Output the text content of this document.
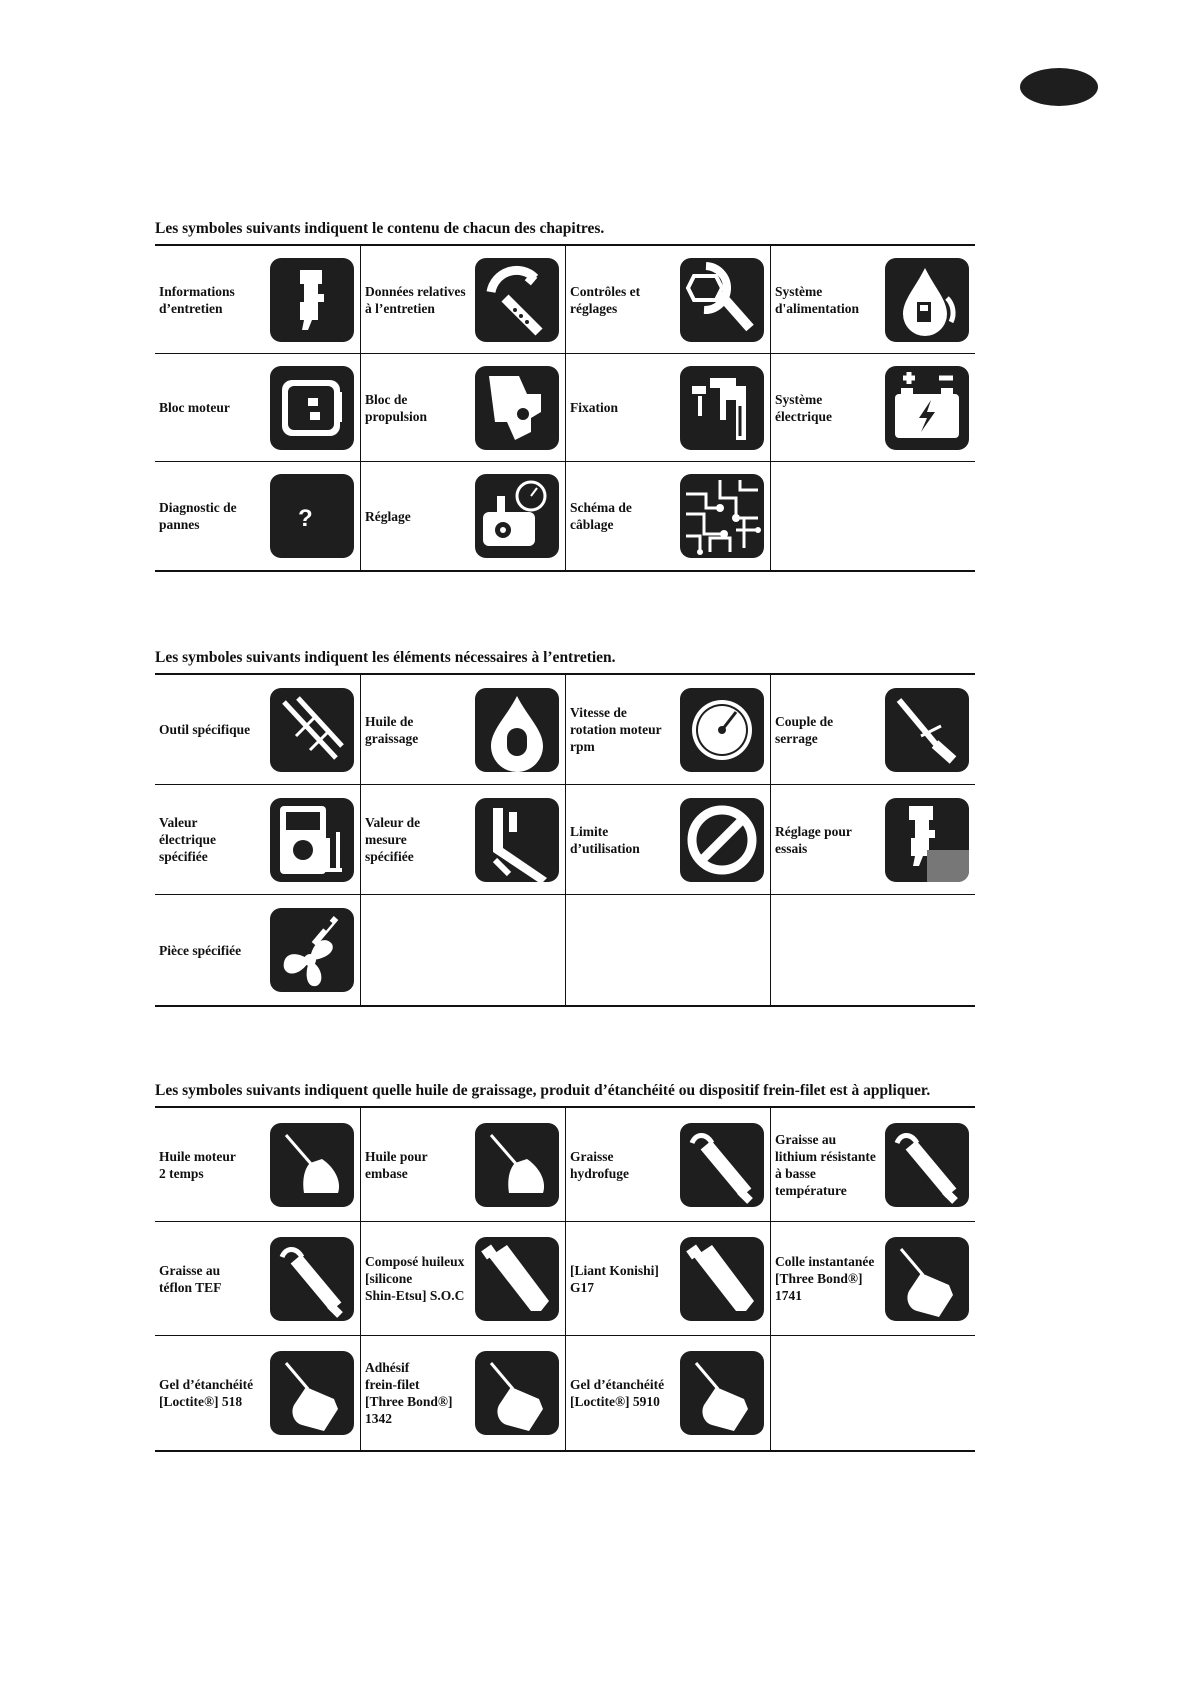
Les symboles suivants indiquent le contenu de chacun des chapitres.
Informations
d’entretien
Données relatives
à l’entretien
Contrôles et
réglages
Système
d'alimentation
Bloc moteur
Bloc de
propulsion
Fixation
Système
électrique
Diagnostic de
pannes	?	Réglage
Schéma de
câblage
Les symboles suivants indiquent les éléments nécessaires à l’entretien.
Outil spécifique
Huile de
graissage
Vitesse de
rotation moteur
rpm
Couple de
serrage
Valeur
électrique
spécifiée
Valeur de
mesure
spécifiée
Limite
d’utilisation
Réglage pour
essais
Pièce spécifiée
Les symboles suivants indiquent quelle huile de graissage, produit d’étanchéité ou dispositif frein-filet est à appliquer.
Huile moteur
2 temps
Huile pour
embase
Graisse
hydrofuge
Graisse au
lithium résistante
à basse
température
Graisse au
téflon TEF
Composé huileux
[silicone
Shin-Etsu] S.O.C
[Liant Konishi]
G17
Colle instantanée
[Three Bond®]
1741
Gel d’étanchéité
[Loctite®] 518
Adhésif
frein-filet
[Three Bond®]
1342
Gel d’étanchéité
[Loctite®] 5910
